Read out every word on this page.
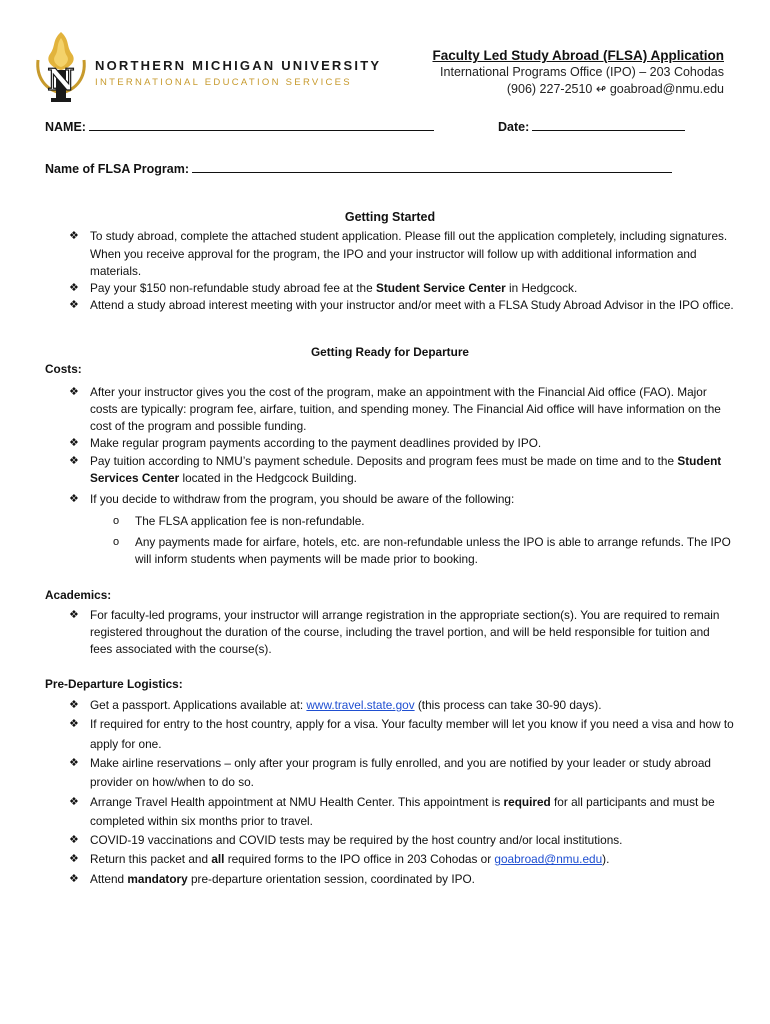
N NORTHERN MICHIGAN UNIVERSITY
INTERNATIONAL EDUCATION SERVICES
Faculty Led Study Abroad (FLSA) Application
International Programs Office (IPO) – 203 Cohodas
(906) 227-2510 ↫ goabroad@nmu.edu
NAME:	Date:
Name of FLSA Program:
Getting Started
❖ To study abroad, complete the attached student application. Please fill out the application completely, including signatures. When you receive approval for the program, the IPO and your instructor will follow up with additional information and materials.
❖ Pay your $150 non-refundable study abroad fee at the Student Service Center in Hedgcock.
❖ Attend a study abroad interest meeting with your instructor and/or meet with a FLSA Study Abroad Advisor in the IPO office.
Getting Ready for Departure
Costs:
❖ After your instructor gives you the cost of the program, make an appointment with the Financial Aid office (FAO). Major costs are typically: program fee, airfare, tuition, and spending money. The Financial Aid office will have information on the cost of the program and possible funding.
❖ Make regular program payments according to the payment deadlines provided by IPO.
❖ Pay tuition according to NMU’s payment schedule. Deposits and program fees must be made on time and to the Student Services Center located in the Hedgcock Building.
❖ If you decide to withdraw from the program, you should be aware of the following:
o The FLSA application fee is non-refundable.
o Any payments made for airfare, hotels, etc. are non-refundable unless the IPO is able to arrange refunds. The IPO will inform students when payments will be made prior to booking.
Academics:
❖ For faculty-led programs, your instructor will arrange registration in the appropriate section(s). You are required to remain registered throughout the duration of the course, including the travel portion, and will be held responsible for tuition and fees associated with the course(s).
Pre-Departure Logistics:
❖ Get a passport. Applications available at: www.travel.state.gov (this process can take 30-90 days).
❖ If required for entry to the host country, apply for a visa. Your faculty member will let you know if you need a visa and how to apply for one.
❖ Make airline reservations – only after your program is fully enrolled, and you are notified by your leader or study abroad provider on how/when to do so.
❖ Arrange Travel Health appointment at NMU Health Center. This appointment is required for all participants and must be completed within six months prior to travel.
❖ COVID-19 vaccinations and COVID tests may be required by the host country and/or local institutions.
❖ Return this packet and all required forms to the IPO office in 203 Cohodas or goabroad@nmu.edu).
❖ Attend mandatory pre-departure orientation session, coordinated by IPO.
